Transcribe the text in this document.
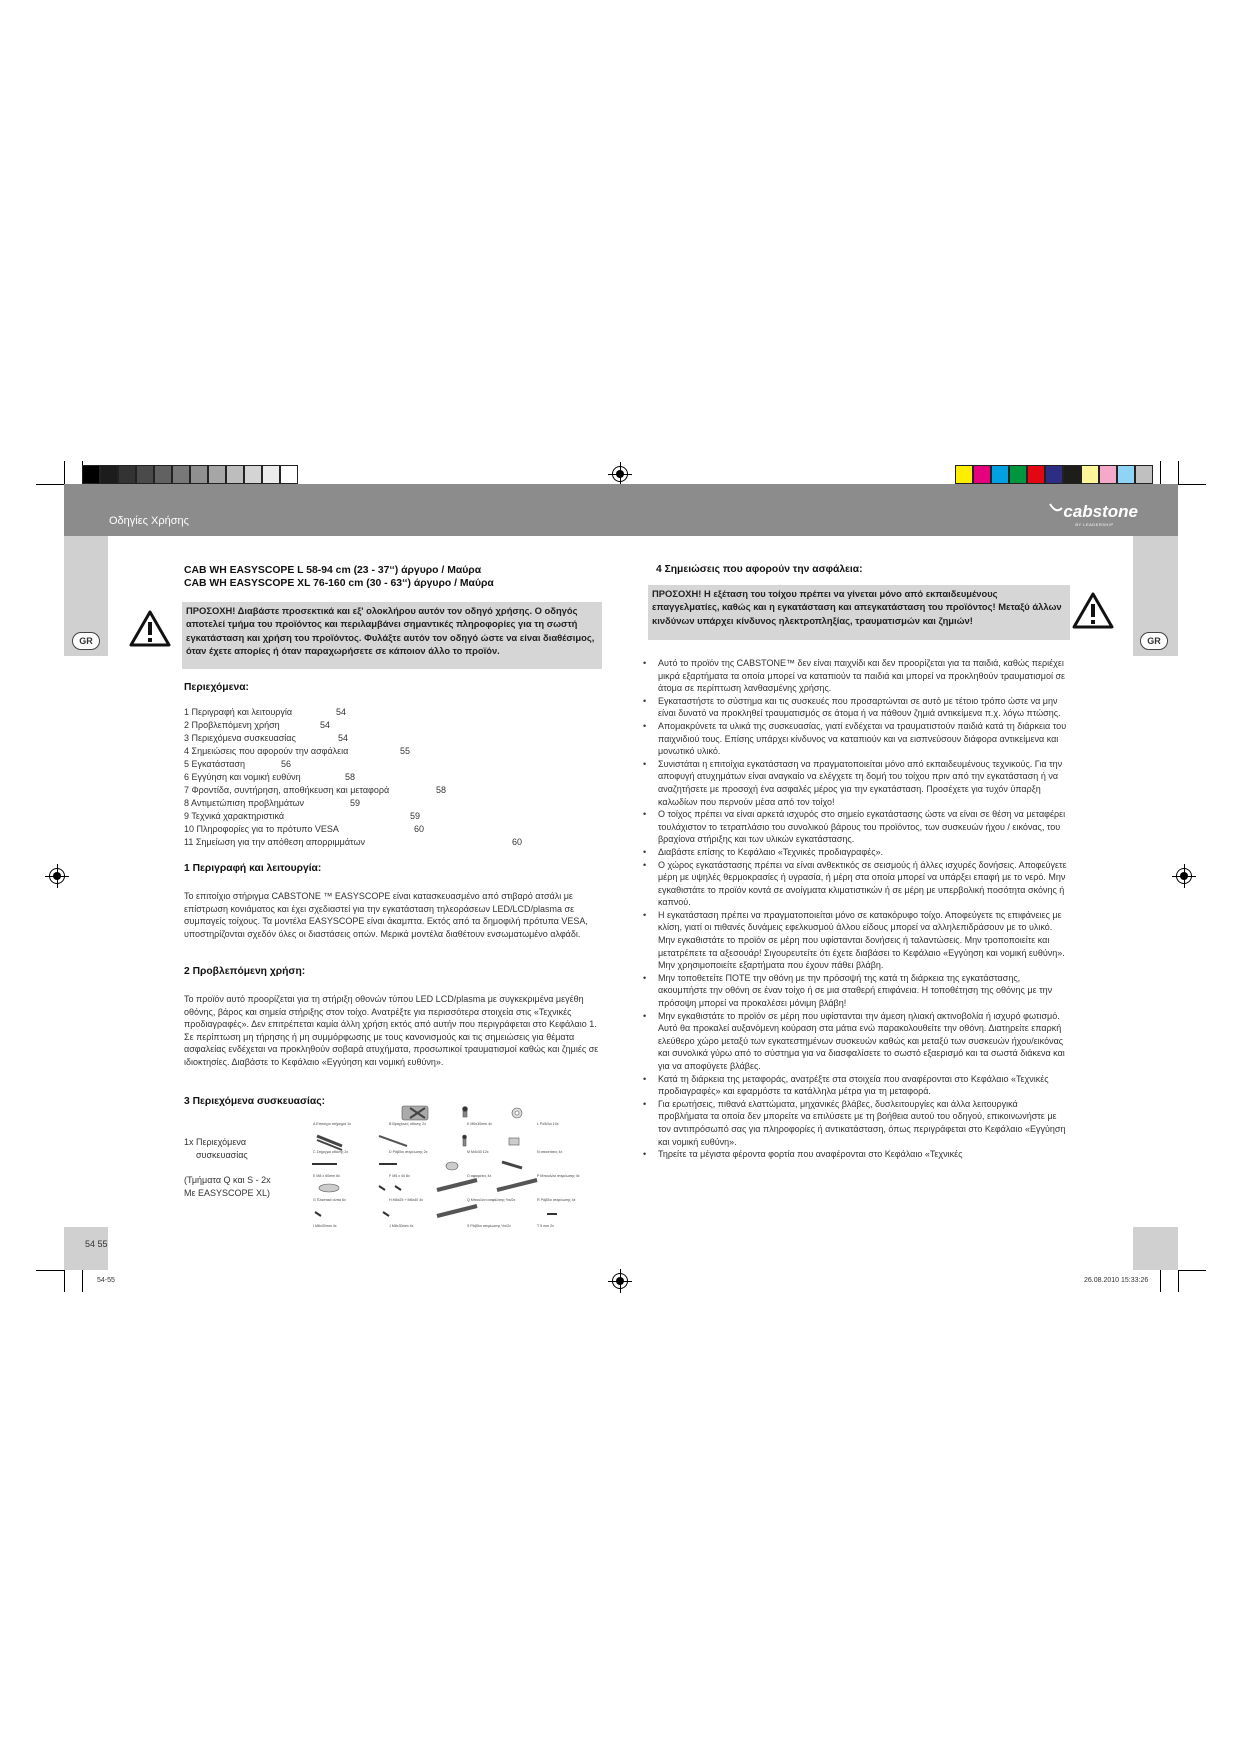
Οδηγίες Χρήσης	cabstone
BY LEADERSHIP
GR	GR
54 55
CAB WH EASYSCOPE L 58-94 cm (23 - 37‘‘) άργυρο / Μαύρα
CAB WH EASYSCOPE XL 76-160 cm (30 - 63‘‘) άργυρο / Μαύρα
ΠΡΟΣΟΧΗ! Διαβάστε προσεκτικά και εξ' ολοκλήρου αυτόν τον οδηγό χρήσης. Ο οδηγός αποτελεί τμήμα του προϊόντος και περιλαμβάνει σημαντικές πληροφορίες για τη σωστή εγκατάσταση και χρήση του προϊόντος. Φυλάξτε αυτόν τον οδηγό ώστε να είναι διαθέσιμος, όταν έχετε απορίες ή όταν παραχωρήσετε σε κάποιον άλλο το προϊόν.
Περιεχόμενα:
1 Περιγραφή και λειτουργία	54
2 Προβλεπόμενη χρήση	54
3 Περιεχόμενα συσκευασίας	54
4 Σημειώσεις που αφορούν την ασφάλεια	55
5 Εγκατάσταση	56
6 Εγγύηση και νομική ευθύνη	58
7 Φροντίδα, συντήρηση, αποθήκευση και μεταφορά	58
8 Αντιμετώπιση προβλημάτων	59
9 Τεχνικά χαρακτηριστικά	59
10 Πληροφορίες για το πρότυπο VESA	60
11 Σημείωση για την απόθεση απορριμμάτων	60
1 Περιγραφή και λειτουργία:
Το επιτοίχιο στήριγμα CABSTONE ™ EASYSCOPE είναι κατασκευασμένο από στιβαρό ατσάλι με επίστρωση κονιάματος και έχει σχεδιαστεί για την εγκατάσταση τηλεοράσεων LED/LCD/plasma σε συμπαγείς τοίχους. Τα μοντέλα EASYSCOPE είναι άκαμπτα. Εκτός από τα δημοφιλή πρότυπα VESA, υποστηρίζονται σχεδόν όλες οι διαστάσεις οπών. Μερικά μοντέλα διαθέτουν ενσωματωμένο αλφάδι.
2 Προβλεπόμενη χρήση:
Το προϊόν αυτό προορίζεται για τη στήριξη οθονών τύπου LED LCD/plasma με συγκεκριμένα μεγέθη οθόνης, βάρος και σημεία στήριξης στον τοίχο. Ανατρέξτε για περισσότερα στοιχεία στις «Τεχνικές προδιαγραφές». Δεν επιτρέπεται καμία άλλη χρήση εκτός από αυτήν που περιγράφεται στο Κεφάλαιο 1. Σε περίπτωση μη τήρησης ή μη συμμόρφωσης με τους κανονισμούς και τις σημειώσεις για θέματα ασφαλείας ενδέχεται να προκληθούν σοβαρά ατυχήματα, προσωπικοί τραυματισμοί καθώς και ζημιές σε ιδιοκτησίες. Διαβάστε το Κεφάλαιο «Εγγύηση και νομική ευθύνη».
3 Περιεχόμενα συσκευασίας:
1x Περιεχόμενα
συσκευασίας
(Τμήματα Q και S - 2x
Με EASYSCOPE XL)
A Επιτοίχιο στήριγμα 1x	B Βραχίονες οθόνης 2x	K M6x30mm 4x	L Ροδέλα 10x
C Στήριγμα οθόνης 2x	D Ράβδοι στερέωσης 2x	M M4x30 12x	N αποστάτες 4x
E M8 x 60mm 6x	F M5 x 44 8x	O αφαιρέτες 4x	P Μπουλόνι στερέωσης 4x
G Πλαστικά ούπα 6x	H M6x25 + M6x40 4x	Q Μπουλόνι ασφάλισης ½x/2x	R Ράβδοι στερέωσης 4x
I M6x30mm 4x	J M8x30mm 4x	S Ράβδοι στερέωσης ½x/2x	T 5 mm 2x
4 Σημειώσεις που αφορούν την ασφάλεια:
ΠΡΟΣΟΧΗ! Η εξέταση του τοίχου πρέπει να γίνεται μόνο από εκπαιδευμένους επαγγελματίες, καθώς και η εγκατάσταση και απεγκατάσταση του προϊόντος! Μεταξύ άλλων κινδύνων υπάρχει κίνδυνος ηλεκτροπληξίας, τραυματισμών και ζημιών!
• Αυτό το προϊόν της CABSTONE™ δεν είναι παιχνίδι και δεν προορίζεται για τα παιδιά, καθώς περιέχει μικρά εξαρτήματα τα οποία μπορεί να καταπιούν τα παιδιά και μπορεί να προκληθούν τραυματισμοί σε άτομα σε περίπτωση λανθασμένης χρήσης.
• Εγκαταστήστε το σύστημα και τις συσκευές που προσαρτώνται σε αυτό με τέτοιο τρόπο ώστε να μην είναι δυνατό να προκληθεί τραυματισμός σε άτομα ή να πάθουν ζημιά αντικείμενα π.χ. λόγω πτώσης.
• Απομακρύνετε τα υλικά της συσκευασίας, γιατί ενδέχεται να τραυματιστούν παιδιά κατά τη διάρκεια του παιχνιδιού τους. Επίσης υπάρχει κίνδυνος να καταπιούν και να εισπνεύσουν διάφορα αντικείμενα και μονωτικό υλικό.
• Συνιστάται η επιτοίχια εγκατάσταση να πραγματοποιείται μόνο από εκπαιδευμένους τεχνικούς. Για την αποφυγή ατυχημάτων είναι αναγκαίο να ελέγχετε τη δομή του τοίχου πριν από την εγκατάσταση ή να αναζητήσετε με προσοχή ένα ασφαλές μέρος για την εγκατάσταση. Προσέχετε για τυχόν ύπαρξη καλωδίων που περνούν μέσα από τον τοίχο!
• Ο τοίχος πρέπει να είναι αρκετά ισχυρός στο σημείο εγκατάστασης ώστε να είναι σε θέση να μεταφέρει τουλάχιστον το τετραπλάσιο του συνολικού βάρους του προϊόντος, των συσκευών ήχου / εικόνας, του βραχίονα στήριξης και των υλικών εγκατάστασης.
• Διαβάστε επίσης το Κεφάλαιο «Τεχνικές προδιαγραφές».
• Ο χώρος εγκατάστασης πρέπει να είναι ανθεκτικός σε σεισμούς ή άλλες ισχυρές δονήσεις. Αποφεύγετε μέρη με υψηλές θερμοκρασίες ή υγρασία, ή μέρη στα οποία μπορεί να υπάρξει επαφή με το νερό. Μην εγκαθιστάτε το προϊόν κοντά σε ανοίγματα κλιματιστικών ή σε μέρη με υπερβολική ποσότητα σκόνης ή καπνού.
• Η εγκατάσταση πρέπει να πραγματοποιείται μόνο σε κατακόρυφο τοίχο. Αποφεύγετε τις επιφάνειες με κλίση, γιατί οι πιθανές δυνάμεις εφελκυσμού άλλου είδους μπορεί να αλληλεπιδράσουν με το υλικό. Μην εγκαθιστάτε το προϊόν σε μέρη που υφίστανται δονήσεις ή ταλαντώσεις. Μην τροποποιείτε και μετατρέπετε τα αξεσουάρ! Σιγουρευτείτε ότι έχετε διαβάσει το Κεφάλαιο «Εγγύηση και νομική ευθύνη». Μην χρησιμοποιείτε εξαρτήματα που έχουν πάθει βλάβη.
• Μην τοποθετείτε ΠΟΤΕ την οθόνη με την πρόσοψή της κατά τη διάρκεια της εγκατάστασης, ακουμπήστε την οθόνη σε έναν τοίχο ή σε μια σταθερή επιφάνεια. Η τοποθέτηση της οθόνης με την πρόσοψη μπορεί να προκαλέσει μόνιμη βλάβη!
• Μην εγκαθιστάτε το προϊόν σε μέρη που υφίστανται την άμεση ηλιακή ακτινοβολία ή ισχυρό φωτισμό. Αυτό θα προκαλεί αυξανόμενη κούραση στα μάτια ενώ παρακολουθείτε την οθόνη. Διατηρείτε επαρκή ελεύθερο χώρο μεταξύ των εγκατεστημένων συσκευών καθώς και μεταξύ των συσκευών ήχου/εικόνας και συνολικά γύρω από το σύστημα για να διασφαλίσετε το σωστό εξαερισμό και τα σωστά διάκενα και για να αποφύγετε βλάβες.
• Κατά τη διάρκεια της μεταφοράς, ανατρέξτε στα στοιχεία που αναφέρονται στο Κεφάλαιο «Τεχνικές προδιαγραφές» και εφαρμόστε τα κατάλληλα μέτρα για τη μεταφορά.
• Για ερωτήσεις, πιθανά ελαττώματα, μηχανικές βλάβες, δυσλειτουργίες και άλλα λειτουργικά προβλήματα τα οποία δεν μπορείτε να επιλύσετε με τη βοήθεια αυτού του οδηγού, επικοινωνήστε με τον αντιπρόσωπό σας για πληροφορίες ή αντικατάσταση, όπως περιγράφεται στο Κεφάλαιο «Εγγύηση και νομική ευθύνη».
• Τηρείτε τα μέγιστα φέροντα φορτία που αναφέρονται στο Κεφάλαιο «Τεχνικές
54-55	26.08.2010 15:33:26
